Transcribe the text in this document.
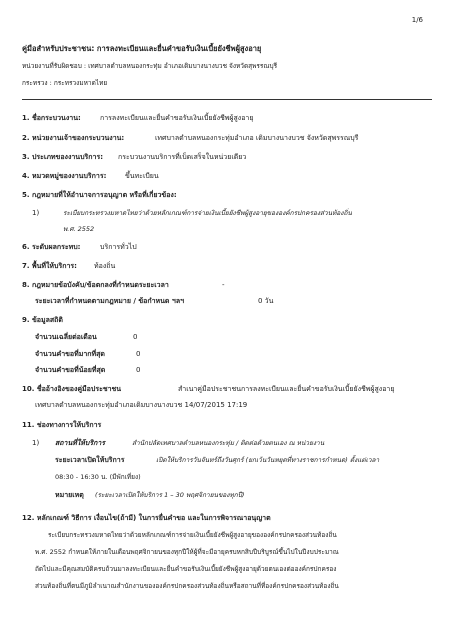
1/6
คู่มือสำหรับประชาชน: การลงทะเบียนและยื่นคำขอรับเงินเบี้ยยังชีพผู้สูงอายุ
หน่วยงานที่รับผิดชอบ : เทศบาลตำบลหนองกระทุ่ม อำเภอเดิมบางนางบวช จังหวัดสุพรรณบุรี
กระทรวง : กระทรวงมหาดไทย
1. ชื่อกระบวนงาน:	การลงทะเบียนและยื่นคำขอรับเงินเบี้ยยังชีพผู้สูงอายุ
2. หน่วยงานเจ้าของกระบวนงาน:	เทศบาลตำบลหนองกระทุ่มอำเภอ เดิมบางนางบวช จังหวัดสุพรรณบุรี
3. ประเภทของงานบริการ: กระบวนงานบริการที่เบ็ดเสร็จในหน่วยเดียว
4. หมวดหมู่ของงานบริการ:	ขึ้นทะเบียน
5. กฎหมายที่ให้อำนาจการอนุญาต หรือที่เกี่ยวข้อง:
1)	ระเบียบกระทรวงมหาดไทยว่าด้วยหลักเกณฑ์การจ่ายเงินเบี้ยยังชีพผู้สูงอายุขององค์กรปกครองส่วนท้องถิ่น
พ.ศ. 2552
6. ระดับผลกระทบ:	บริการทั่วไป
7. พื้นที่ให้บริการ: ท้องถิ่น
8. กฎหมายข้อบังคับ/ข้อตกลงที่กำหนดระยะเวลา	-
ระยะเวลาที่กำหนดตามกฎหมาย / ข้อกำหนด ฯลฯ	0 วัน
9. ข้อมูลสถิติ
จำนวนเฉลี่ยต่อเดือน	0
จำนวนคำขอที่มากที่สุด	0
จำนวนคำขอที่น้อยที่สุด	0
10. ชื่ออ้างอิงของคู่มือประชาชน	สำเนาคู่มือประชาชนการลงทะเบียนและยื่นคำขอรับเงินเบี้ยยังชีพผู้สูงอายุ
เทศบาลตำบลหนองกระทุ่มอำเภอเดิมบางนางบวช 14/07/2015 17:19
11. ช่องทางการให้บริการ
1) สถานที่ให้บริการ	สำนักปลัดเทศบาลตำบลหนองกระทุ่ม / ติดต่อด้วยตนเอง ณ หน่วยงาน
ระยะเวลาเปิดให้บริการ	เปิดให้บริการวันจันทร์ถึงวันศุกร์ (ยกเว้นวันหยุดที่ทางราชการกำหนด) ตั้งแต่เวลา
08:30 - 16:30 น. (มีพักเที่ยง)
หมายเหตุ (ระยะเวลาเปิดให้บริการ 1 – 30 พฤศจิกายนของทุกปี)
12. หลักเกณฑ์ วิธีการ เงื่อนไข(ถ้ามี) ในการยื่นคำขอ และในการพิจารณาอนุญาต
ระเบียบกระทรวงมหาดไทยว่าด้วยหลักเกณฑ์การจ่ายเงินเบี้ยยังชีพผู้สูงอายุขององค์กรปกครองส่วนท้องถิ่น
พ.ศ. 2552 กำหนดให้ภายในเดือนพฤศจิกายนของทุกปีให้ผู้ที่จะมีอายุครบหกสิบปีบริบูรณ์ขึ้นไปในปีงบประมาณ
ถัดไปและมีคุณสมบัติครบถ้วนมาลงทะเบียนและยื่นคำขอรับเงินเบี้ยยังชีพผู้สูงอายุด้วยตนเองต่อองค์กรปกครอง
ส่วนท้องถิ่นที่ตนมีภูมิลำเนาณสำนักงานขององค์กรปกครองส่วนท้องถิ่นหรือสถานที่ที่องค์กรปกครองส่วนท้องถิ่น
